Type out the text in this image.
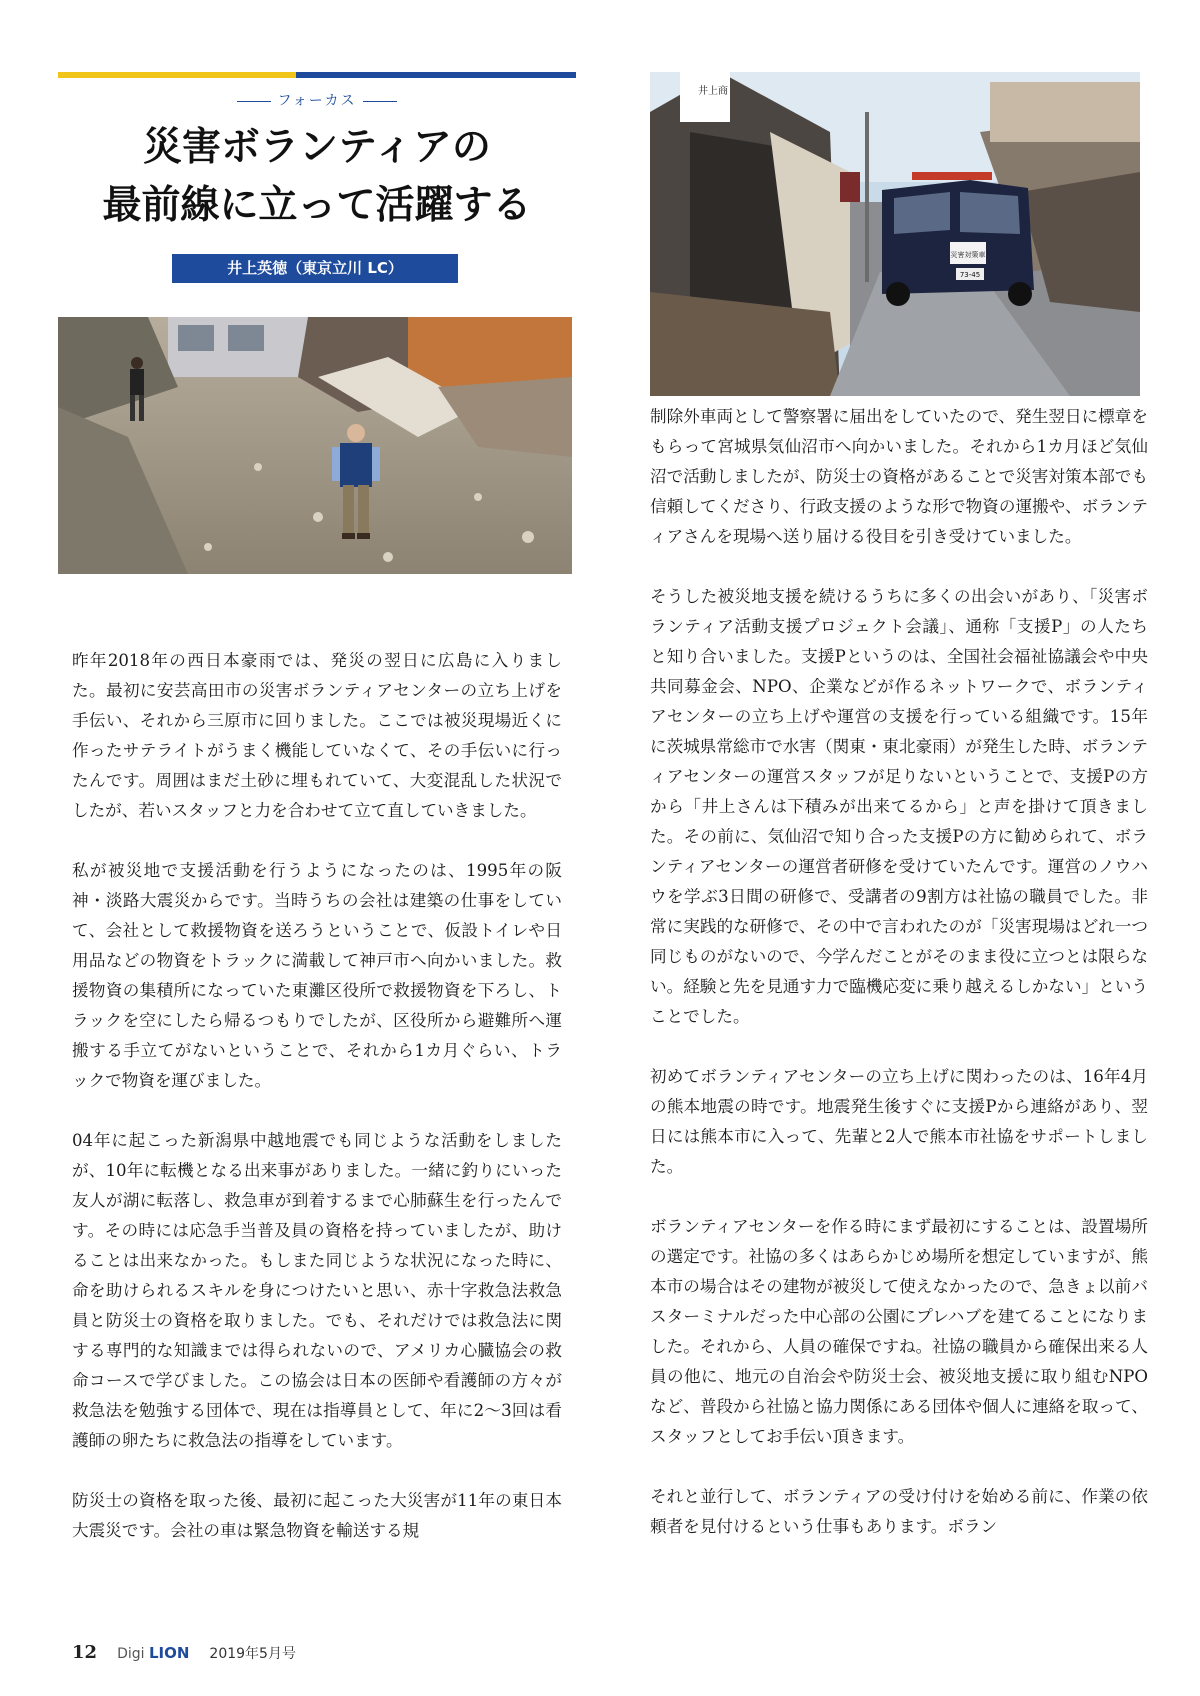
フォーカス
災害ボランティアの
最前線に立って活躍する
井上英徳（東京立川 LC）
災害対策車
73-45
井上商

昨年2018年の西日本豪雨では、発災の翌日に広島に入りました。最初に安芸高田市の災害ボランティアセンターの立ち上げを手伝い、それから三原市に回りました。ここでは被災現場近くに作ったサテライトがうまく機能していなくて、その手伝いに行ったんです。周囲はまだ土砂に埋もれていて、大変混乱した状況でしたが、若いスタッフと力を合わせて立て直していきました。

私が被災地で支援活動を行うようになったのは、1995年の阪神・淡路大震災からです。当時うちの会社は建築の仕事をしていて、会社として救援物資を送ろうということで、仮設トイレや日用品などの物資をトラックに満載して神戸市へ向かいました。救援物資の集積所になっていた東灘区役所で救援物資を下ろし、トラックを空にしたら帰るつもりでしたが、区役所から避難所へ運搬する手立てがないということで、それから1カ月ぐらい、トラックで物資を運びました。

04年に起こった新潟県中越地震でも同じような活動をしましたが、10年に転機となる出来事がありました。一緒に釣りにいった友人が湖に転落し、救急車が到着するまで心肺蘇生を行ったんです。その時には応急手当普及員の資格を持っていましたが、助けることは出来なかった。もしまた同じような状況になった時に、命を助けられるスキルを身につけたいと思い、赤十字救急法救急員と防災士の資格を取りました。でも、それだけでは救急法に関する専門的な知識までは得られないので、アメリカ心臓協会の救命コースで学びました。この協会は日本の医師や看護師の方々が救急法を勉強する団体で、現在は指導員として、年に2～3回は看護師の卵たちに救急法の指導をしています。

防災士の資格を取った後、最初に起こった大災害が11年の東日本大震災です。会社の車は緊急物資を輸送する規

制除外車両として警察署に届出をしていたので、発生翌日に標章をもらって宮城県気仙沼市へ向かいました。それから1カ月ほど気仙沼で活動しましたが、防災士の資格があることで災害対策本部でも信頼してくださり、行政支援のような形で物資の運搬や、ボランティアさんを現場へ送り届ける役目を引き受けていました。

そうした被災地支援を続けるうちに多くの出会いがあり、「災害ボランティア活動支援プロジェクト会議」、通称「支援P」の人たちと知り合いました。支援Pというのは、全国社会福祉協議会や中央共同募金会、NPO、企業などが作るネットワークで、ボランティアセンターの立ち上げや運営の支援を行っている組織です。15年に茨城県常総市で水害（関東・東北豪雨）が発生した時、ボランティアセンターの運営スタッフが足りないということで、支援Pの方から「井上さんは下積みが出来てるから」と声を掛けて頂きました。その前に、気仙沼で知り合った支援Pの方に勧められて、ボランティアセンターの運営者研修を受けていたんです。運営のノウハウを学ぶ3日間の研修で、受講者の9割方は社協の職員でした。非常に実践的な研修で、その中で言われたのが「災害現場はどれ一つ同じものがないので、今学んだことがそのまま役に立つとは限らない。経験と先を見通す力で臨機応変に乗り越えるしかない」ということでした。

初めてボランティアセンターの立ち上げに関わったのは、16年4月の熊本地震の時です。地震発生後すぐに支援Pから連絡があり、翌日には熊本市に入って、先輩と2人で熊本市社協をサポートしました。

ボランティアセンターを作る時にまず最初にすることは、設置場所の選定です。社協の多くはあらかじめ場所を想定していますが、熊本市の場合はその建物が被災して使えなかったので、急きょ以前バスターミナルだった中心部の公園にプレハブを建てることになりました。それから、人員の確保ですね。社協の職員から確保出来る人員の他に、地元の自治会や防災士会、被災地支援に取り組むNPOなど、普段から社協と協力関係にある団体や個人に連絡を取って、スタッフとしてお手伝い頂きます。

それと並行して、ボランティアの受け付けを始める前に、作業の依頼者を見付けるという仕事もあります。ボラン

12 Digi LION 2019年5月号
